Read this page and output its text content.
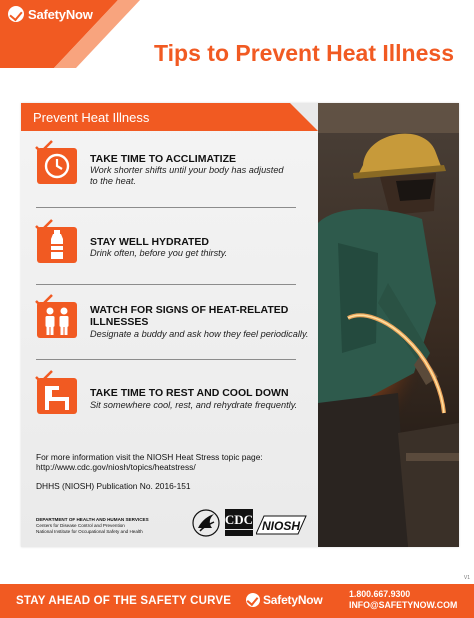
SafetyNow
Tips to Prevent Heat Illness
Prevent Heat Illness
TAKE TIME TO ACCLIMATIZE
Work shorter shifts until your body has adjusted
to the heat.
STAY WELL HYDRATED
Drink often, before you get thirsty.
WATCH FOR SIGNS OF HEAT-RELATED
ILLNESSES
Designate a buddy and ask how they feel periodically.
TAKE TIME TO REST AND COOL DOWN
Sit somewhere cool, rest, and rehydrate frequently.
For more information visit the NIOSH Heat Stress topic page:
http://www.cdc.gov/niosh/topics/heatstress/
DHHS (NIOSH) Publication No. 2016-151
DEPARTMENT OF HEALTH AND HUMAN SERVICES
Centers for Disease Control and Prevention
National Institute for Occupational Safety and Health
CDC NIOSH
V1
STAY AHEAD OF THE SAFETY CURVE	SafetyNow	1.800.667.9300
INFO@SAFETYNOW.COM
